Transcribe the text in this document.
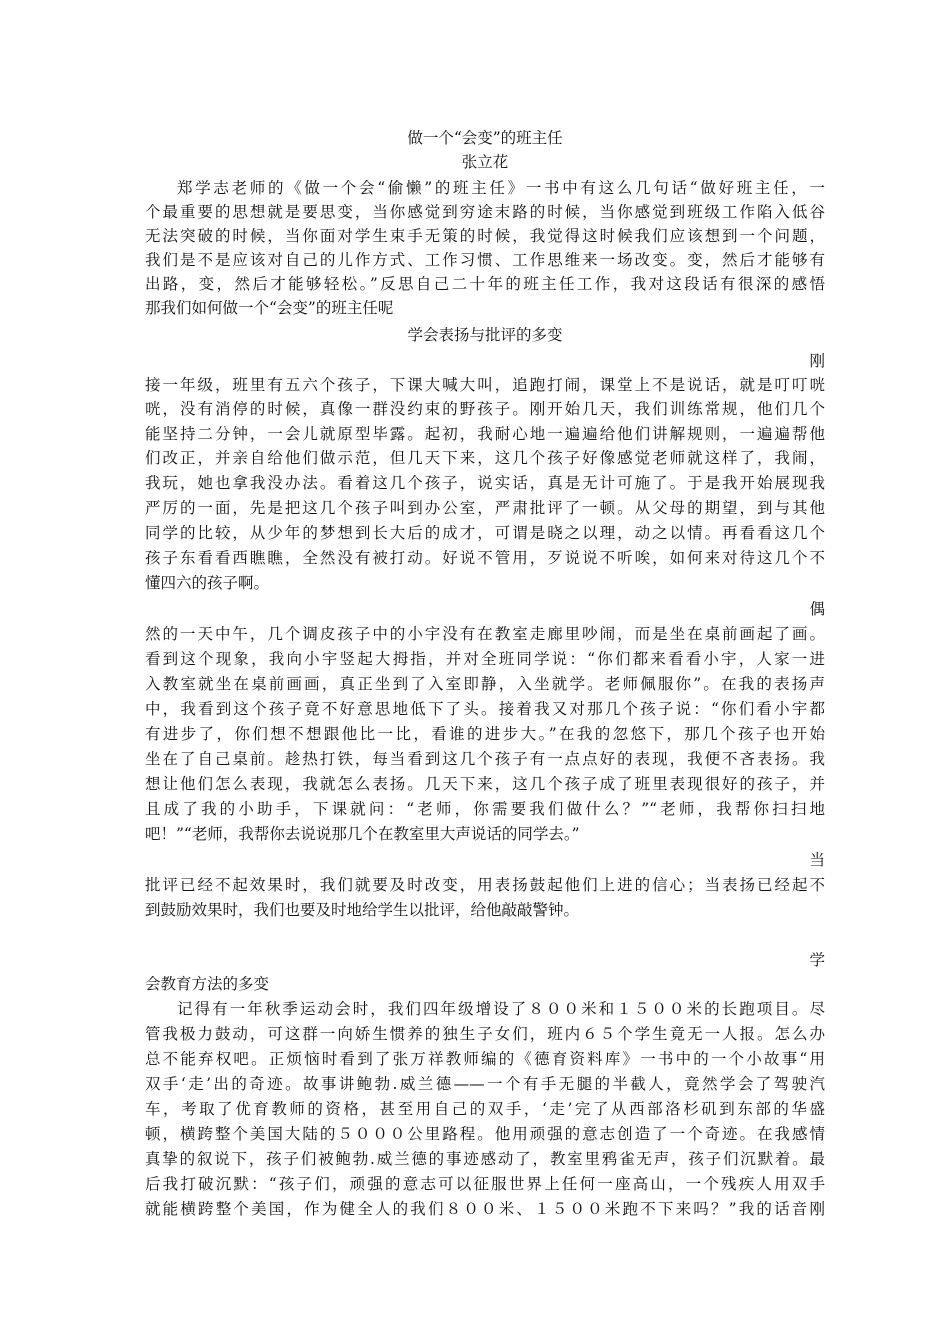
做一个“会变”的班主任
张立花
郑学志老师的《做一个会“偷懒”的班主任》一书中有这么几句话“做好班主任，一
个最重要的思想就是要思变，当你感觉到穷途末路的时候，当你感觉到班级工作陷入低谷
无法突破的时候，当你面对学生束手无策的时候，我觉得这时候我们应该想到一个问题，
我们是不是应该对自己的儿作方式、工作习惯、工作思维来一场改变。变，然后才能够有
出路，变，然后才能够轻松。”反思自己二十年的班主任工作，我对这段话有很深的感悟
那我们如何做一个“会变”的班主任呢
学会表扬与批评的多变
刚
接一年级，班里有五六个孩子，下课大喊大叫，追跑打闹，课堂上不是说话，就是叮叮咣
咣，没有消停的时候，真像一群没约束的野孩子。刚开始几天，我们训练常规，他们几个
能坚持二分钟，一会儿就原型毕露。起初，我耐心地一遍遍给他们讲解规则，一遍遍帮他
们改正，并亲自给他们做示范，但几天下来，这几个孩子好像感觉老师就这样了，我闹，
我玩，她也拿我没办法。看着这几个孩子，说实话，真是无计可施了。于是我开始展现我
严厉的一面，先是把这几个孩子叫到办公室，严肃批评了一顿。从父母的期望，到与其他
同学的比较，从少年的梦想到长大后的成才，可谓是晓之以理，动之以情。再看看这几个
孩子东看看西瞧瞧，全然没有被打动。好说不管用，歹说说不听唉，如何来对待这几个不
懂四六的孩子啊。
偶
然的一天中午，几个调皮孩子中的小宇没有在教室走廊里吵闹，而是坐在桌前画起了画。
看到这个现象，我向小宇竖起大拇指，并对全班同学说：“你们都来看看小宇，人家一进
入教室就坐在桌前画画，真正坐到了入室即静，入坐就学。老师佩服你”。在我的表扬声
中，我看到这个孩子竟不好意思地低下了头。接着我又对那几个孩子说：“你们看小宇都
有进步了，你们想不想跟他比一比，看谁的进步大。”在我的忽悠下，那几个孩子也开始
坐在了自己桌前。趁热打铁，每当看到这几个孩子有一点点好的表现，我便不吝表扬。我
想让他们怎么表现，我就怎么表扬。几天下来，这几个孩子成了班里表现很好的孩子，并
且成了我的小助手，下课就问：“老师，你需要我们做什么？”“老师，我帮你扫扫地
吧！”“老师，我帮你去说说那几个在教室里大声说话的同学去。”
当
批评已经不起效果时，我们就要及时改变，用表扬鼓起他们上进的信心；当表扬已经起不
到鼓励效果时，我们也要及时地给学生以批评，给他敲敲警钟。
学
会教育方法的多变
记得有一年秋季运动会时，我们四年级增设了８００米和１５００米的长跑项目。尽
管我极力鼓动，可这群一向娇生惯养的独生子女们，班内６５个学生竟无一人报。怎么办
总不能弃权吧。正烦恼时看到了张万祥教师编的《德育资料库》一书中的一个小故事“用
双手‘走’出的奇迹。故事讲鲍勃.威兰德——一个有手无腿的半截人，竟然学会了驾驶汽
车，考取了优育教师的资格，甚至用自己的双手，‘走’完了从西部洛杉矶到东部的华盛
顿，横跨整个美国大陆的５０００公里路程。他用顽强的意志创造了一个奇迹。在我感情
真挚的叙说下，孩子们被鲍勃.威兰德的事迹感动了，教室里鸦雀无声，孩子们沉默着。最
后我打破沉默：“孩子们，顽强的意志可以征服世界上任何一座高山，一个残疾人用双手
就能横跨整个美国，作为健全人的我们８００米、１５００米跑不下来吗？”我的话音刚
